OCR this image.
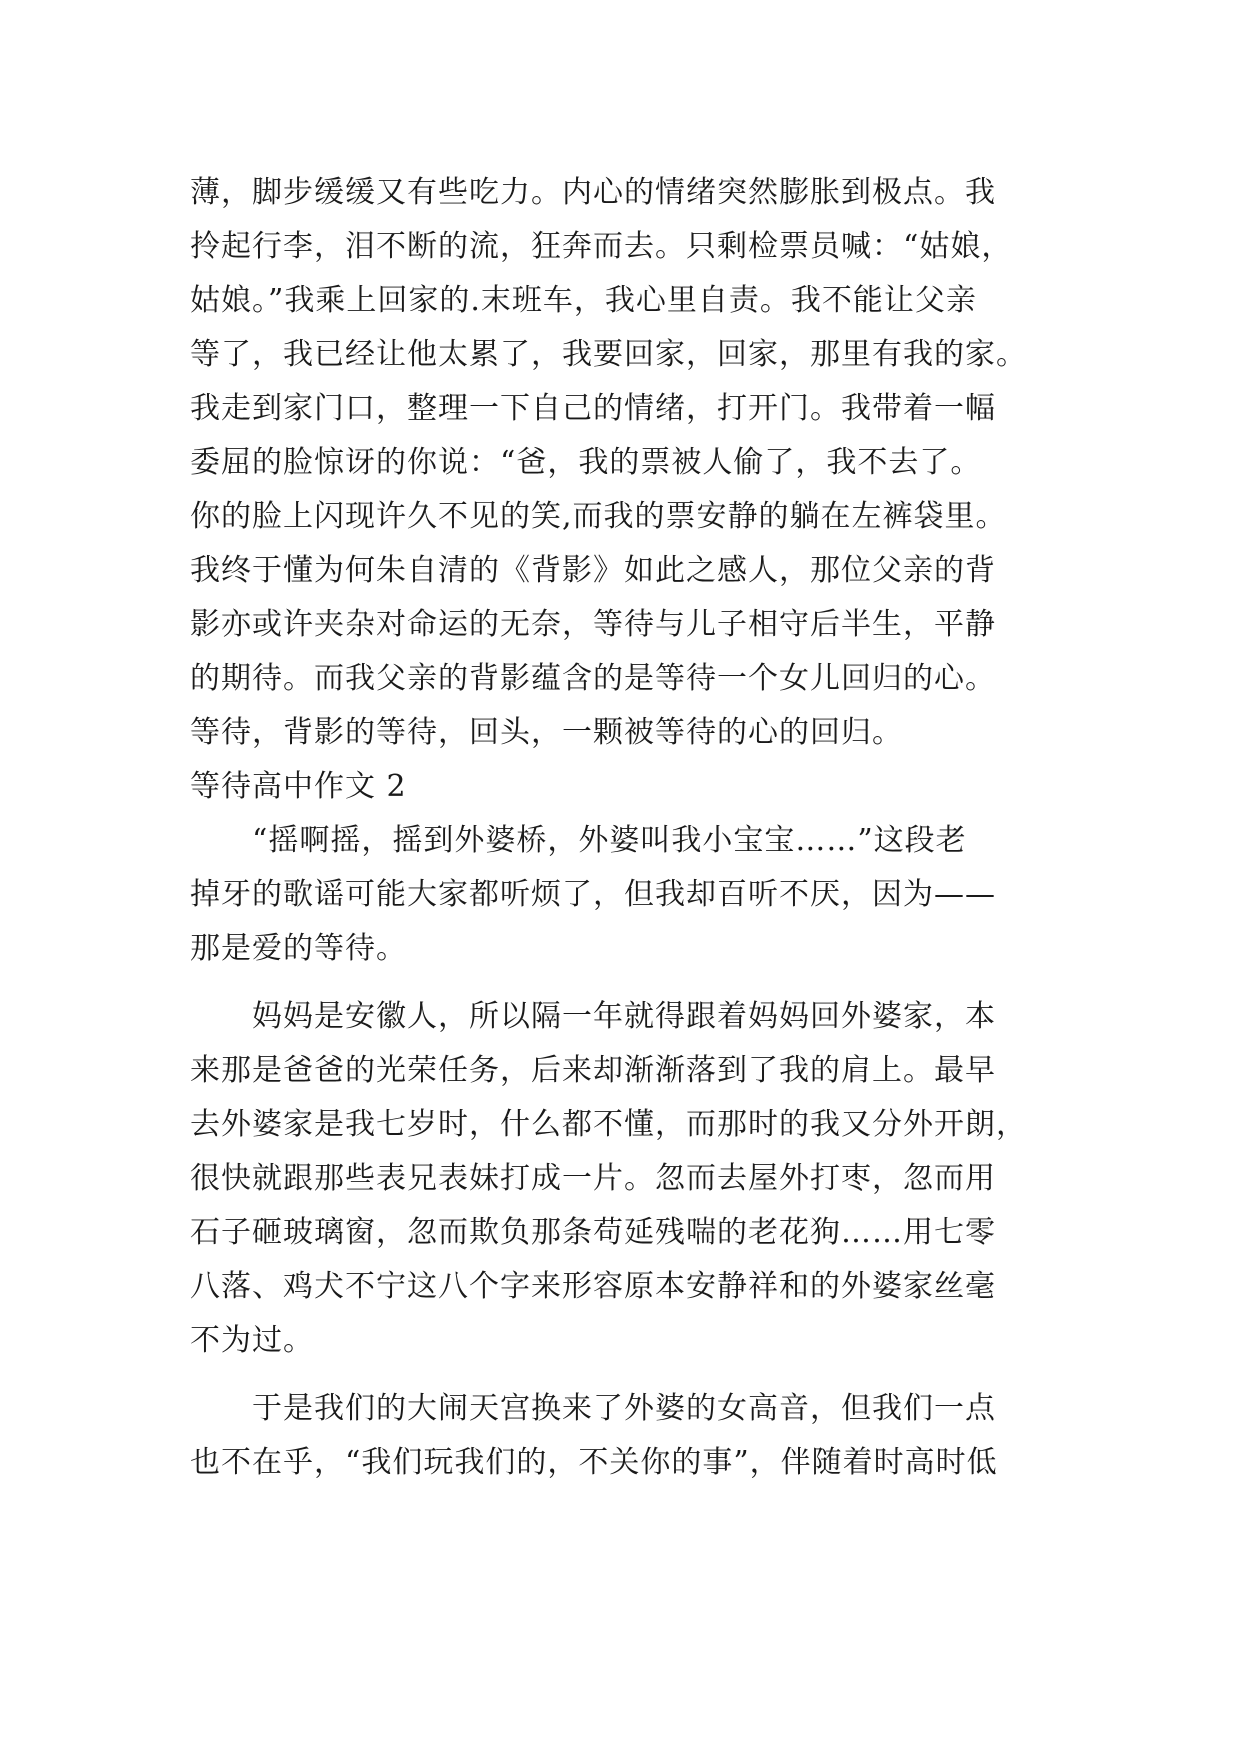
薄，脚步缓缓又有些吃力。内心的情绪突然膨胀到极点。我
拎起行李，泪不断的流，狂奔而去。只剩检票员喊：“姑娘，
姑娘。”我乘上回家的.末班车，我心里自责。我不能让父亲
等了，我已经让他太累了，我要回家，回家，那里有我的家。
我走到家门口，整理一下自己的情绪，打开门。我带着一幅
委屈的脸惊讶的你说：“爸，我的票被人偷了，我不去了。
你的脸上闪现许久不见的笑,而我的票安静的躺在左裤袋里。
我终于懂为何朱自清的《背影》如此之感人，那位父亲的背
影亦或许夹杂对命运的无奈，等待与儿子相守后半生，平静
的期待。而我父亲的背影蕴含的是等待一个女儿回归的心。
等待，背影的等待，回头，一颗被等待的心的回归。
等待高中作文 2
“摇啊摇，摇到外婆桥，外婆叫我小宝宝……”这段老
掉牙的歌谣可能大家都听烦了，但我却百听不厌，因为——
那是爱的等待。
妈妈是安徽人，所以隔一年就得跟着妈妈回外婆家，本
来那是爸爸的光荣任务，后来却渐渐落到了我的肩上。最早
去外婆家是我七岁时，什么都不懂，而那时的我又分外开朗，
很快就跟那些表兄表妹打成一片。忽而去屋外打枣，忽而用
石子砸玻璃窗，忽而欺负那条苟延残喘的老花狗……用七零
八落、鸡犬不宁这八个字来形容原本安静祥和的外婆家丝毫
不为过。
于是我们的大闹天宫换来了外婆的女高音，但我们一点
也不在乎，“我们玩我们的，不关你的事”，伴随着时高时低
